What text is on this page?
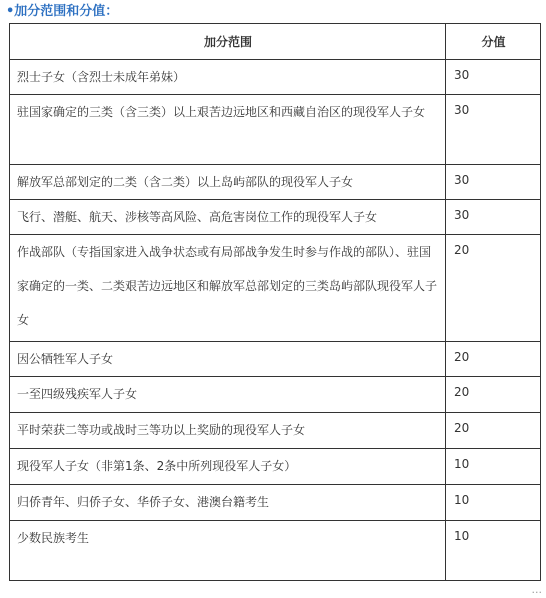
•加分范围和分值：
加分范围	分值
烈士子女（含烈士未成年弟妹）	30
驻国家确定的三类（含三类）以上艰苦边远地区和西藏自治区的现役军人子女	30
解放军总部划定的二类（含二类）以上岛屿部队的现役军人子女	30
飞行、潜艇、航天、涉核等高风险、高危害岗位工作的现役军人子女	30
作战部队（专指国家进入战争状态或有局部战争发生时参与作战的部队）、驻国家确定的一类、二类艰苦边远地区和解放军总部划定的三类岛屿部队现役军人子女	20
因公牺牲军人子女	20
一至四级残疾军人子女	20
平时荣获二等功或战时三等功以上奖励的现役军人子女	20
现役军人子女（非第1条、2条中所列现役军人子女）	10
归侨青年、归侨子女、华侨子女、港澳台籍考生	10
少数民族考生	10
...
